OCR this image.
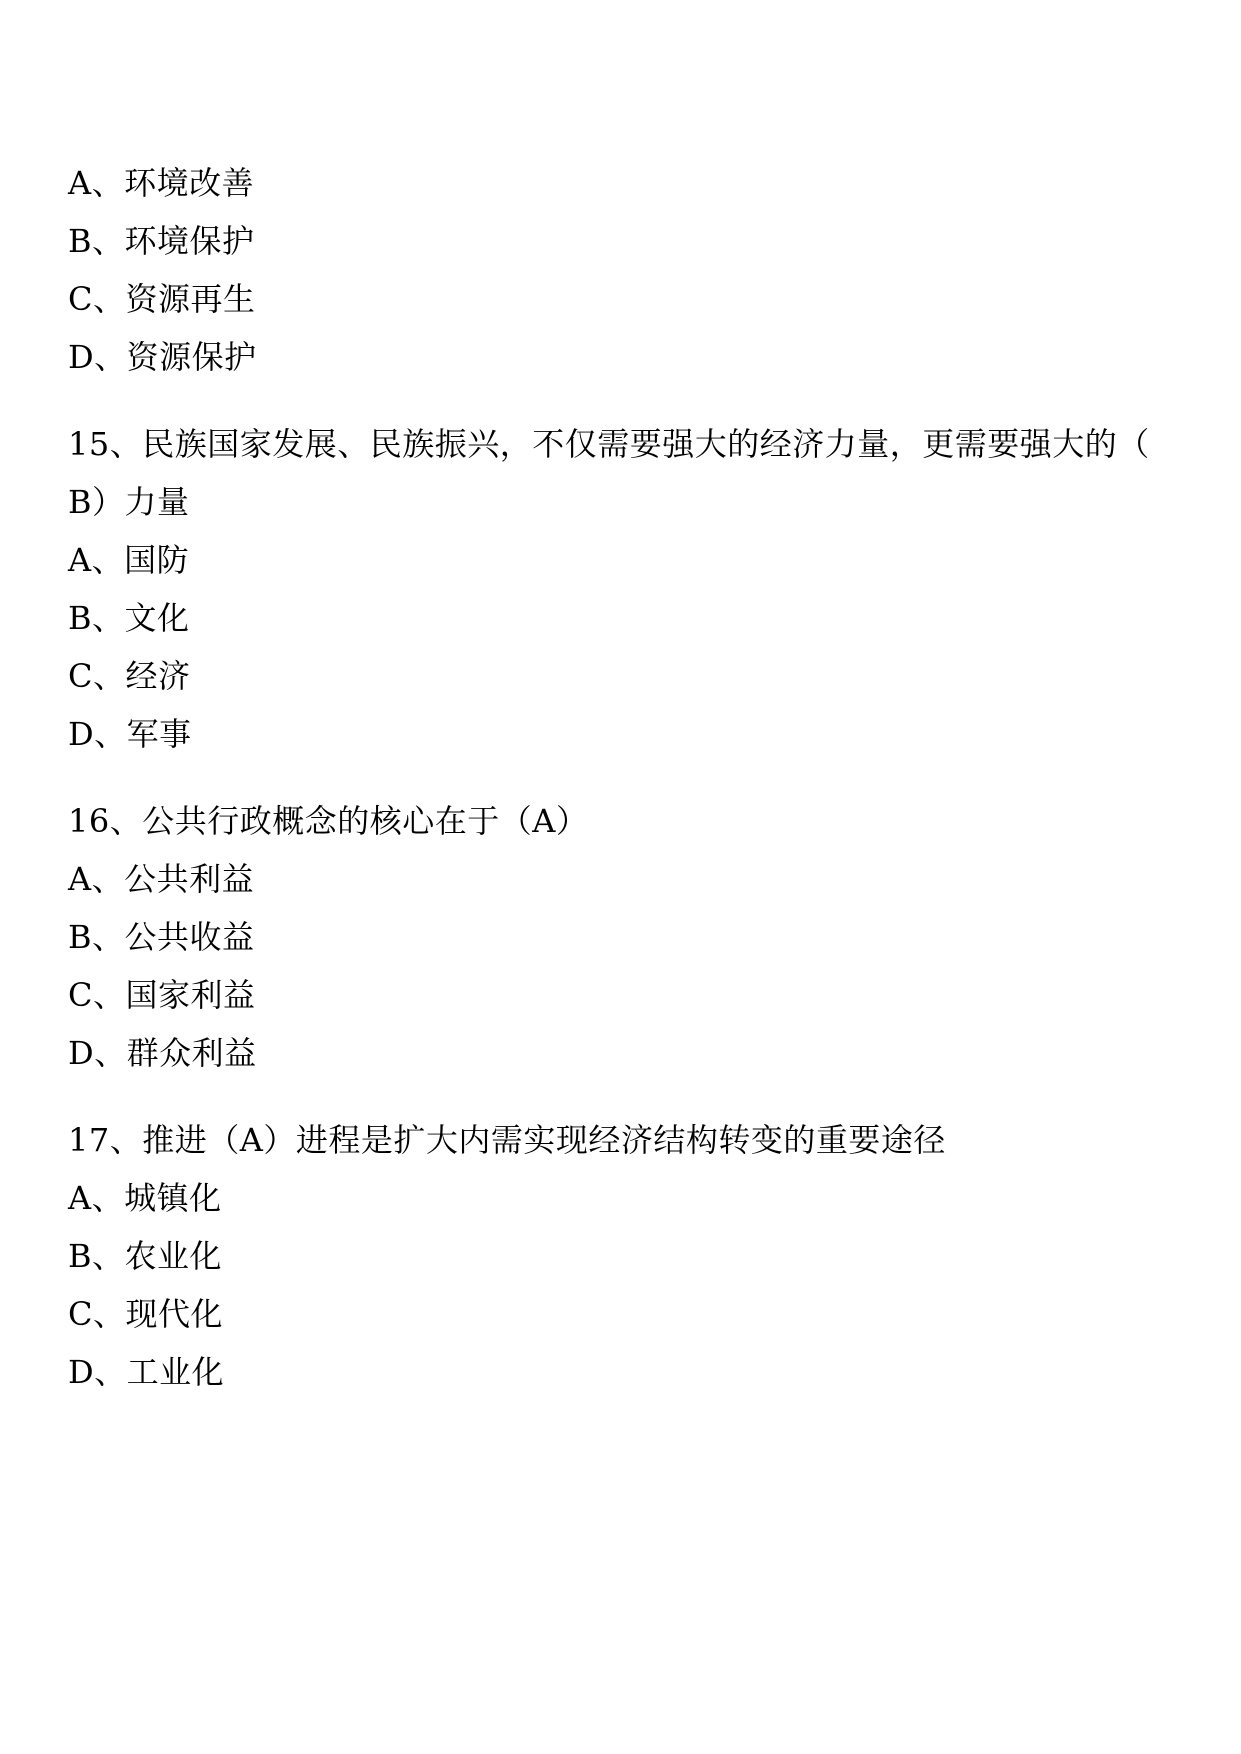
A、环境改善
B、环境保护
C、资源再生
D、资源保护
15、民族国家发展、民族振兴，不仅需要强大的经济力量，更需要强大的（
B）力量
A、国防
B、文化
C、经济
D、军事
16、公共行政概念的核心在于（A）
A、公共利益
B、公共收益
C、国家利益
D、群众利益
17、推进（A）进程是扩大内需实现经济结构转变的重要途径
A、城镇化
B、农业化
C、现代化
D、工业化
